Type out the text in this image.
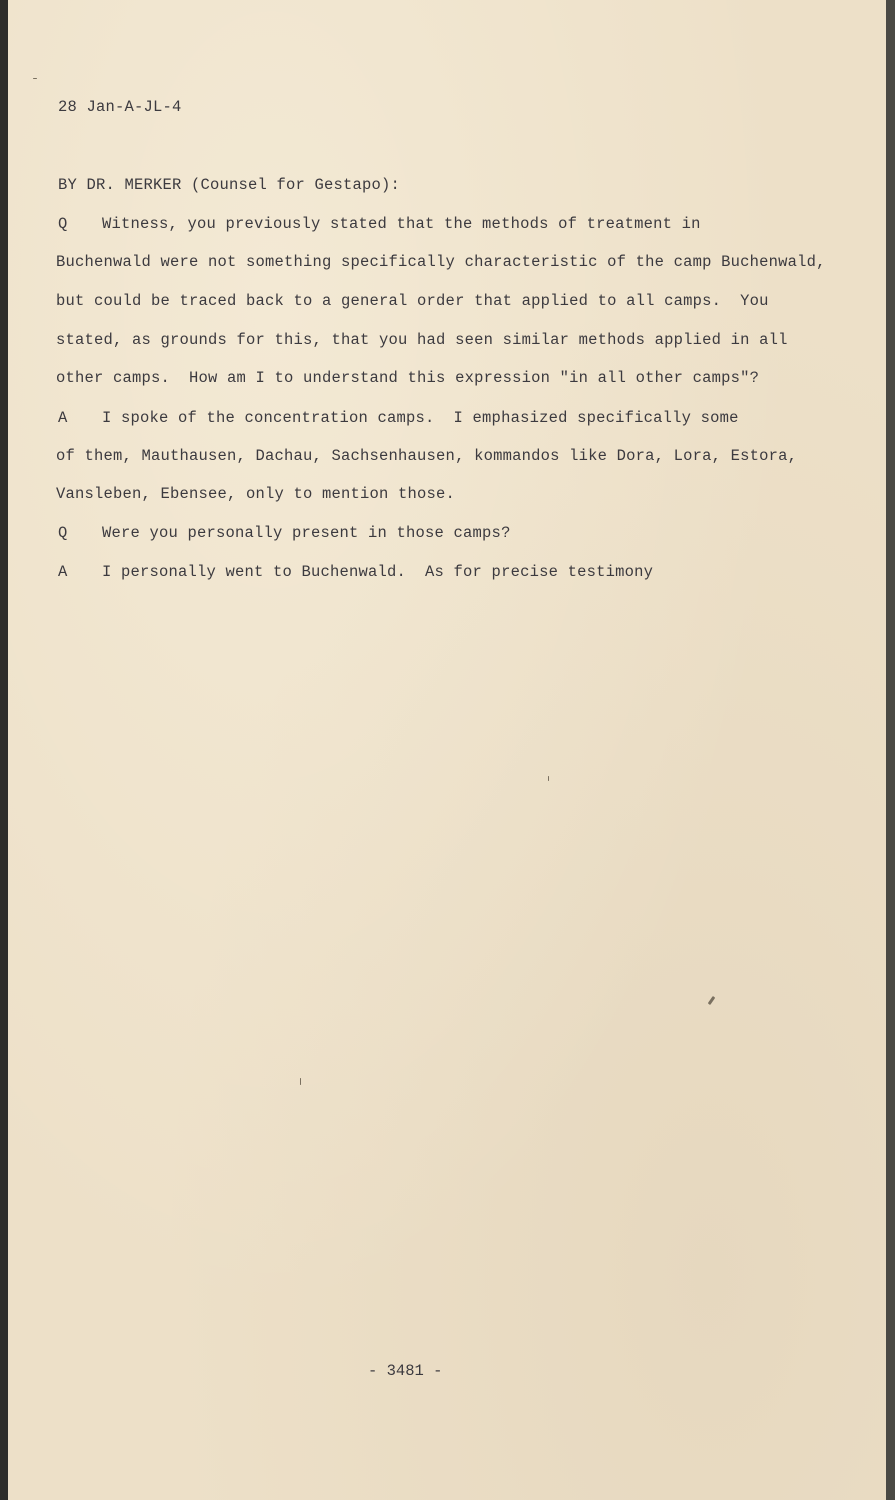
28 Jan-A-JL-4
BY DR. MERKER (Counsel for Gestapo):
Q Witness, you previously stated that the methods of treatment in
Buchenwald were not something specifically characteristic of the camp Buchenwald,
but could be traced back to a general order that applied to all camps.  You
stated, as grounds for this, that you had seen similar methods applied in all
other camps.  How am I to understand this expression "in all other camps"?
A I spoke of the concentration camps.  I emphasized specifically some
of them, Mauthausen, Dachau, Sachsenhausen, kommandos like Dora, Lora, Estora,
Vansleben, Ebensee, only to mention those.
Q Were you personally present in those camps?
A I personally went to Buchenwald.  As for precise testimony
- 3481 -
